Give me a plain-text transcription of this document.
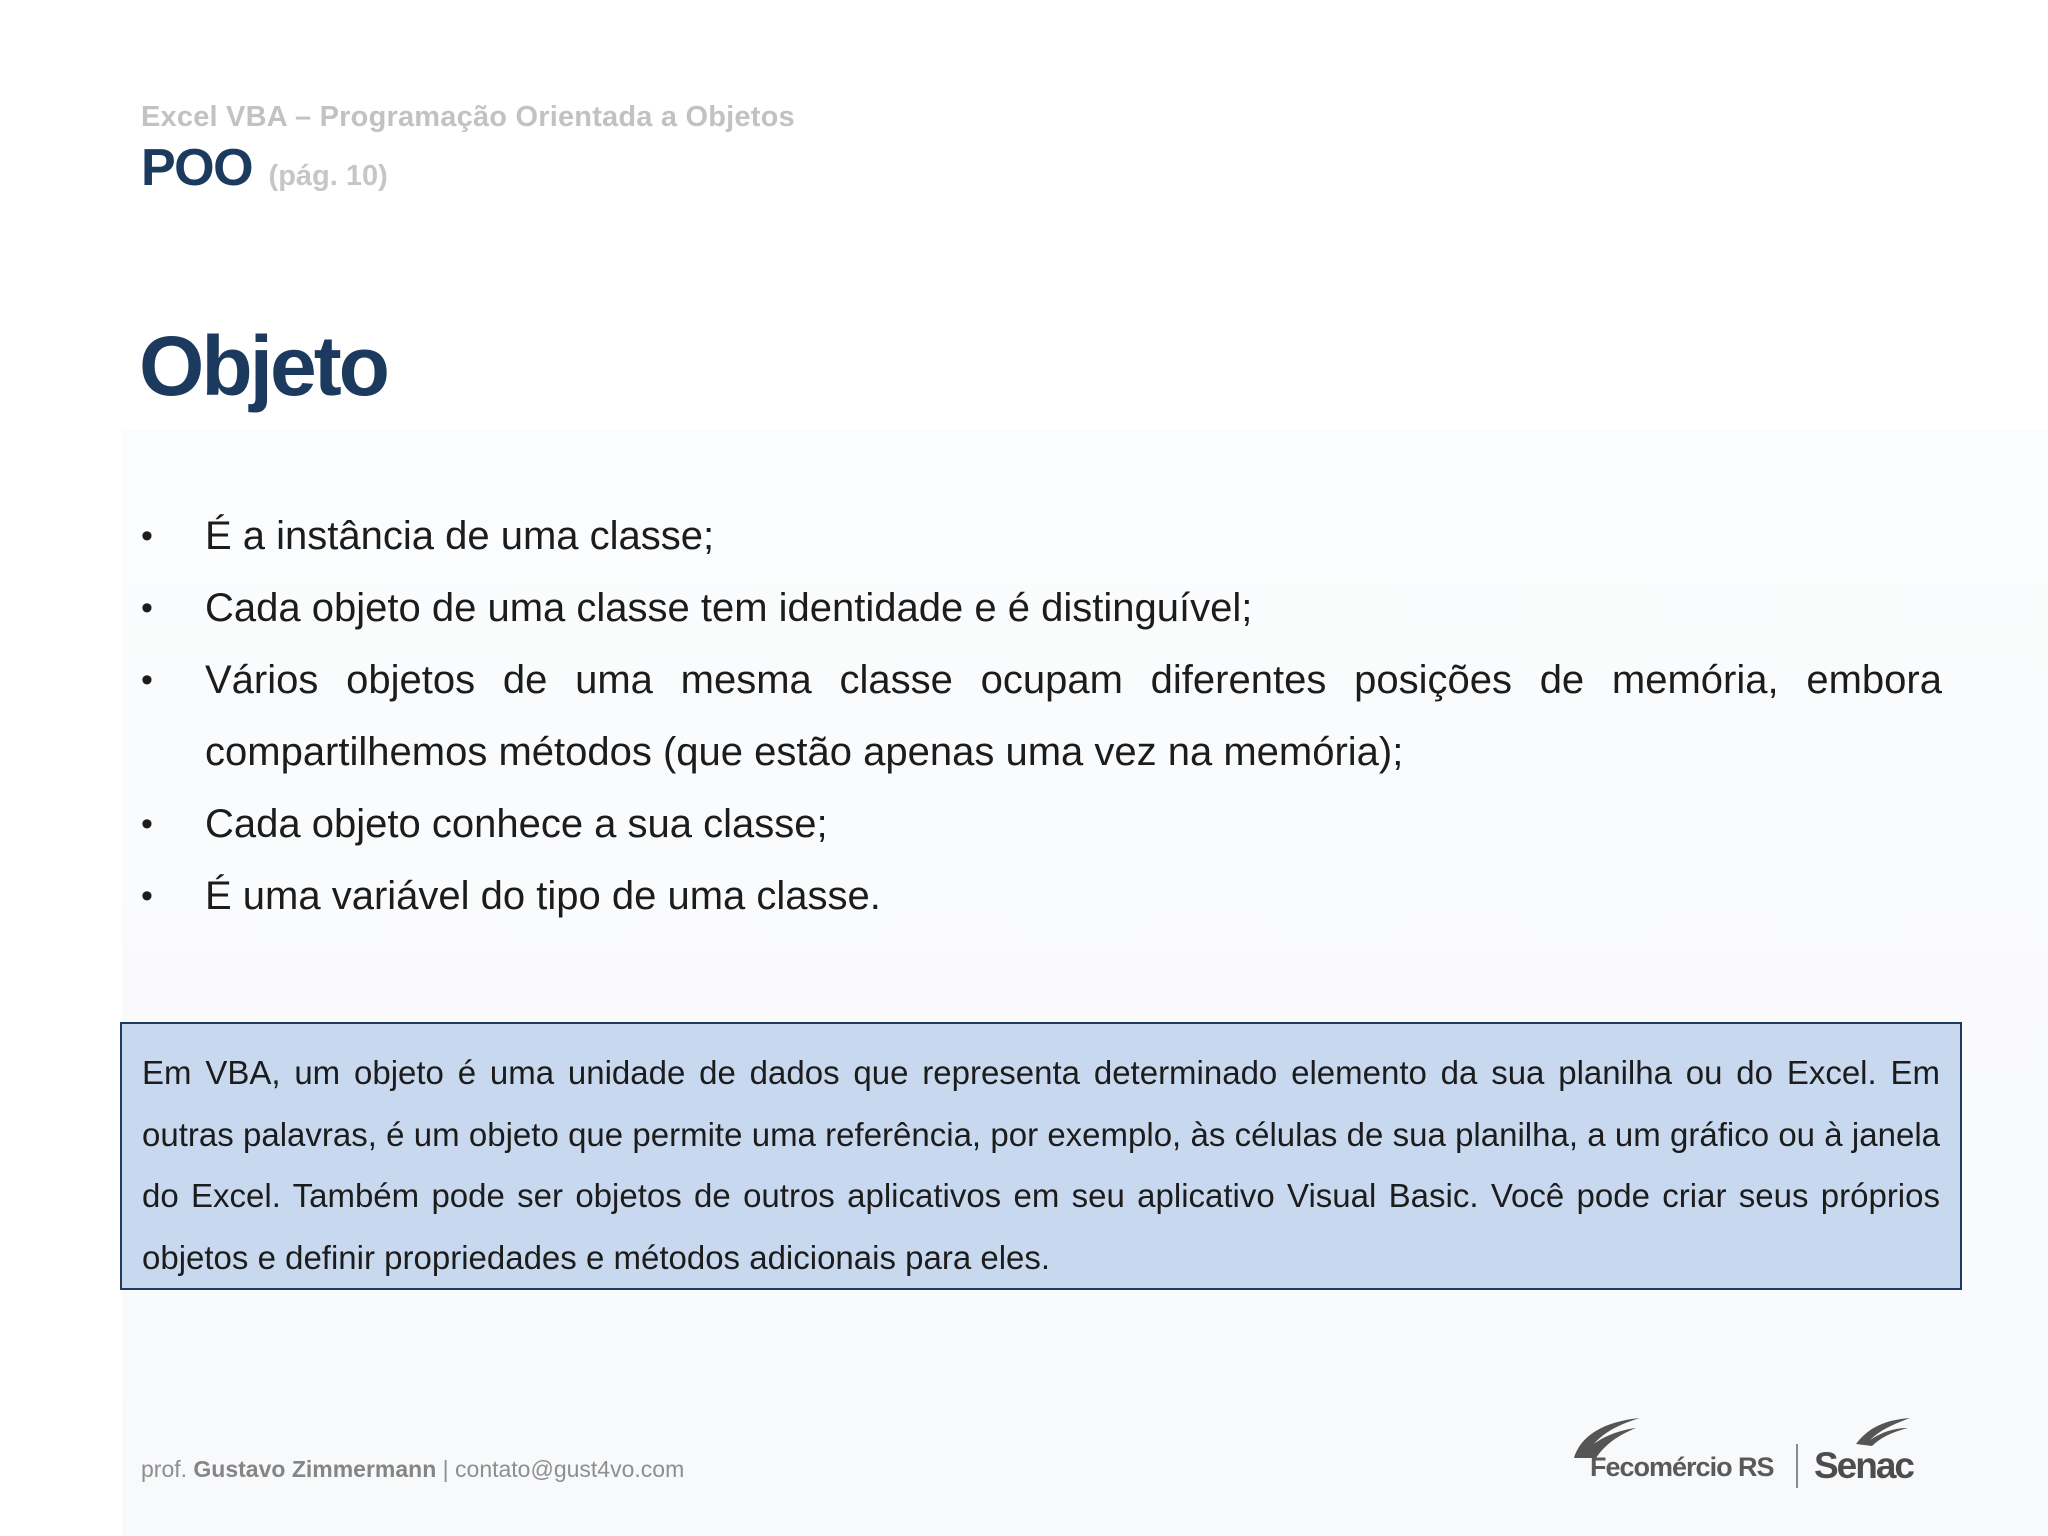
Excel VBA – Programação Orientada a Objetos
POO (pág. 10)
Objeto
• É a instância de uma classe;
• Cada objeto de uma classe tem identidade e é distinguível;
• Vários objetos de uma mesma classe ocupam diferentes posições de memória, embora compartilhemos métodos (que estão apenas uma vez na memória);
• Cada objeto conhece a sua classe;
• É uma variável do tipo de uma classe.

Em VBA, um objeto é uma unidade de dados que representa determinado elemento da sua planilha ou do Excel. Em outras palavras, é um objeto que permite uma referência, por exemplo, às células de sua planilha, a um gráfico ou à janela do Excel. Também pode ser objetos de outros aplicativos em seu aplicativo Visual Basic. Você pode criar seus próprios objetos e definir propriedades e métodos adicionais para eles.

prof. Gustavo Zimmermann | contato@gust4vo.com	Fecomércio RS Senac
